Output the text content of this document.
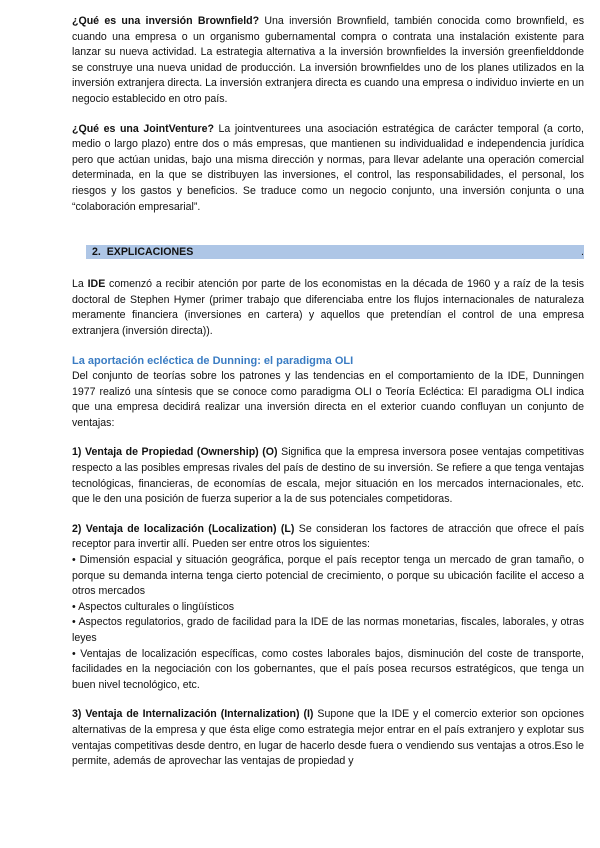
¿Qué es una inversión Brownfield? Una inversión Brownfield, también conocida como brownfield, es cuando una empresa o un organismo gubernamental compra o contrata una instalación existente para lanzar su nueva actividad. La estrategia alternativa a la inversión brownfieldes la inversión greenfielddonde se construye una nueva unidad de producción. La inversión brownfieldes uno de los planes utilizados en la inversión extranjera directa. La inversión extranjera directa es cuando una empresa o individuo invierte en un negocio establecido en otro país.

¿Qué es una JointVenture? La jointventurees una asociación estratégica de carácter temporal (a corto, medio o largo plazo) entre dos o más empresas, que mantienen su individualidad e independencia jurídica pero que actúan unidas, bajo una misma dirección y normas, para llevar adelante una operación comercial determinada, en la que se distribuyen las inversiones, el control, las responsabilidades, el personal, los riesgos y los gastos y beneficios. Se traduce como un negocio conjunto, una inversión conjunta o una “colaboración empresarial”.

2. EXPLICACIONES	.

La IDE comenzó a recibir atención por parte de los economistas en la década de 1960 y a raíz de la tesis doctoral de Stephen Hymer (primer trabajo que diferenciaba entre los flujos internacionales de naturaleza meramente financiera (inversiones en cartera) y aquellos que pretendían el control de una empresa extranjera (inversión directa)).

La aportación ecléctica de Dunning: el paradigma OLI

Del conjunto de teorías sobre los patrones y las tendencias en el comportamiento de la IDE, Dunningen 1977 realizó una síntesis que se conoce como paradigma OLI o Teoría Ecléctica: El paradigma OLI indica que una empresa decidirá realizar una inversión directa en el exterior cuando confluyan un conjunto de ventajas:

1) Ventaja de Propiedad (Ownership) (O) Significa que la empresa inversora posee ventajas competitivas respecto a las posibles empresas rivales del país de destino de su inversión. Se refiere a que tenga ventajas tecnológicas, financieras, de economías de escala, mejor situación en los mercados internacionales, etc. que le den una posición de fuerza superior a la de sus potenciales competidoras.

2) Ventaja de localización (Localization) (L) Se consideran los factores de atracción que ofrece el país receptor para invertir allí. Pueden ser entre otros los siguientes:

• Dimensión espacial y situación geográfica, porque el país receptor tenga un mercado de gran tamaño, o porque su demanda interna tenga cierto potencial de crecimiento, o porque su ubicación facilite el acceso a otros mercados

• Aspectos culturales o lingüísticos

• Aspectos regulatorios, grado de facilidad para la IDE de las normas monetarias, fiscales, laborales, y otras leyes

• Ventajas de localización específicas, como costes laborales bajos, disminución del coste de transporte, facilidades en la negociación con los gobernantes, que el país posea recursos estratégicos, que tenga un buen nivel tecnológico, etc.

3) Ventaja de Internalización (Internalization) (I) Supone que la IDE y el comercio exterior son opciones alternativas de la empresa y que ésta elige como estrategia mejor entrar en el país extranjero y explotar sus ventajas competitivas desde dentro, en lugar de hacerlo desde fuera o vendiendo sus ventajas a otros.Eso le permite, además de aprovechar las ventajas de propiedad y
